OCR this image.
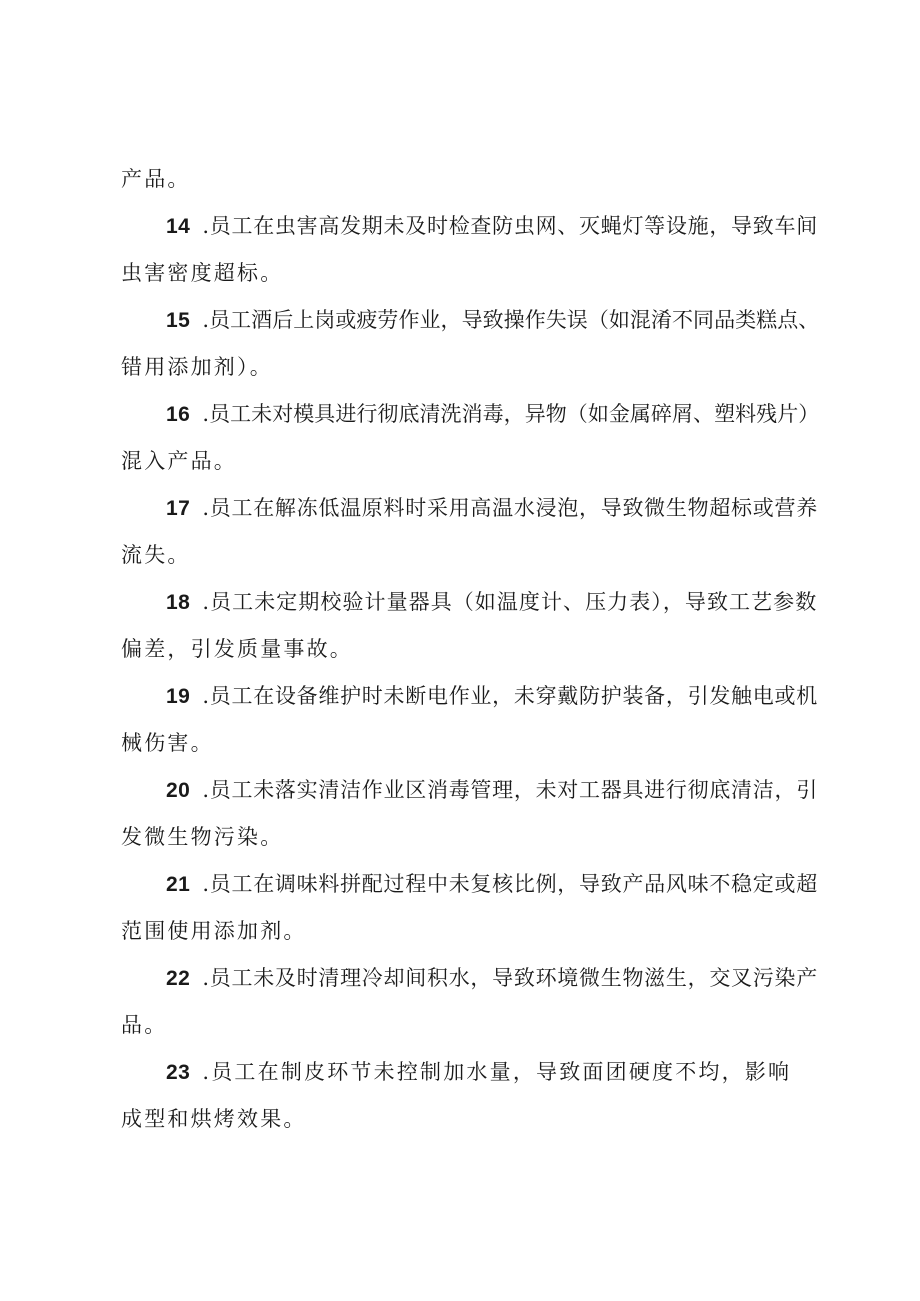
产品。
14 .员工在虫害高发期未及时检查防虫网、灭蝇灯等设施，导致车间
虫害密度超标。
15 .员工酒后上岗或疲劳作业，导致操作失误（如混淆不同品类糕点、
错用添加剂）。
16 .员工未对模具进行彻底清洗消毒，异物（如金属碎屑、塑料残片）
混入产品。
17 .员工在解冻低温原料时采用高温水浸泡，导致微生物超标或营养
流失。
18 .员工未定期校验计量器具（如温度计、压力表），导致工艺参数
偏差，引发质量事故。
19 .员工在设备维护时未断电作业，未穿戴防护装备，引发触电或机
械伤害。
20 .员工未落实清洁作业区消毒管理，未对工器具进行彻底清洁，引
发微生物污染。
21 .员工在调味料拼配过程中未复核比例，导致产品风味不稳定或超
范围使用添加剂。
22 .员工未及时清理冷却间积水，导致环境微生物滋生，交叉污染产
品。
23 .员工在制皮环节未控制加水量，导致面团硬度不均，影响
成型和烘烤效果。
